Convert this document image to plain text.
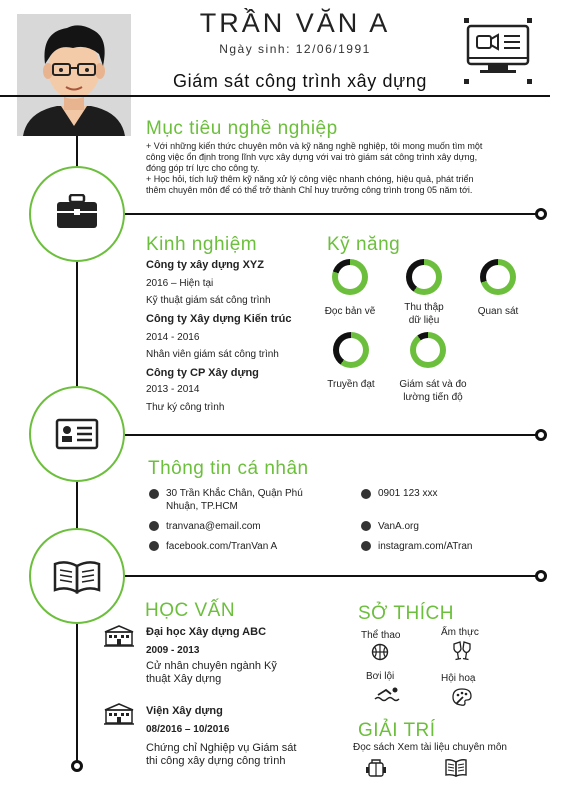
TRẦN VĂN A
Ngày sinh: 12/06/1991
Giám sát công trình xây dựng
Mục tiêu nghề nghiệp
+ Với những kiến thức chuyên môn và kỹ năng nghề nghiệp, tôi mong muốn tìm một
công việc ổn định trong lĩnh vực xây dựng với vai trò giám sát công trình xây dựng,
đóng góp trí lực cho công ty.
+ Học hỏi, tích luỹ thêm kỹ năng xử lý công việc nhanh chóng, hiệu quả, phát triển
thêm chuyên môn để có thể trở thành Chỉ huy trưởng công trình trong 05 năm tới.
Kinh nghiệm
Công ty xây dựng XYZ
2016 – Hiện tại
Kỹ thuật giám sát công trình
Công ty Xây dựng Kiến trúc
2014 - 2016
Nhân viên giám sát công trình
Công ty CP Xây dựng
2013 - 2014
Thư ký công trình
Kỹ năng
Đọc bản vẽ	Thu thập
dữ liệu
Quan sát
Truyền đạt	Giám sát và đo
lường tiến độ
Thông tin cá nhân
30 Trần Khắc Chân, Quận Phú
Nhuận, TP.HCM
0901 123 xxx
tranvana@email.com	VanA.org
facebook.com/TranVan A	instagram.com/ATran
HỌC VẤN
Đại học Xây dựng ABC
2009 - 2013
Cử nhân chuyên ngành Kỹ
thuật Xây dựng
Viện Xây dựng
08/2016 – 10/2016
Chứng chỉ Nghiệp vụ Giám sát
thi công xây dựng công trình
SỞ THÍCH
Thể thao	Ẩm thực
Bơi lội	Hội hoạ
GIẢI TRÍ
Đọc sách Xem tài liệu chuyên môn
